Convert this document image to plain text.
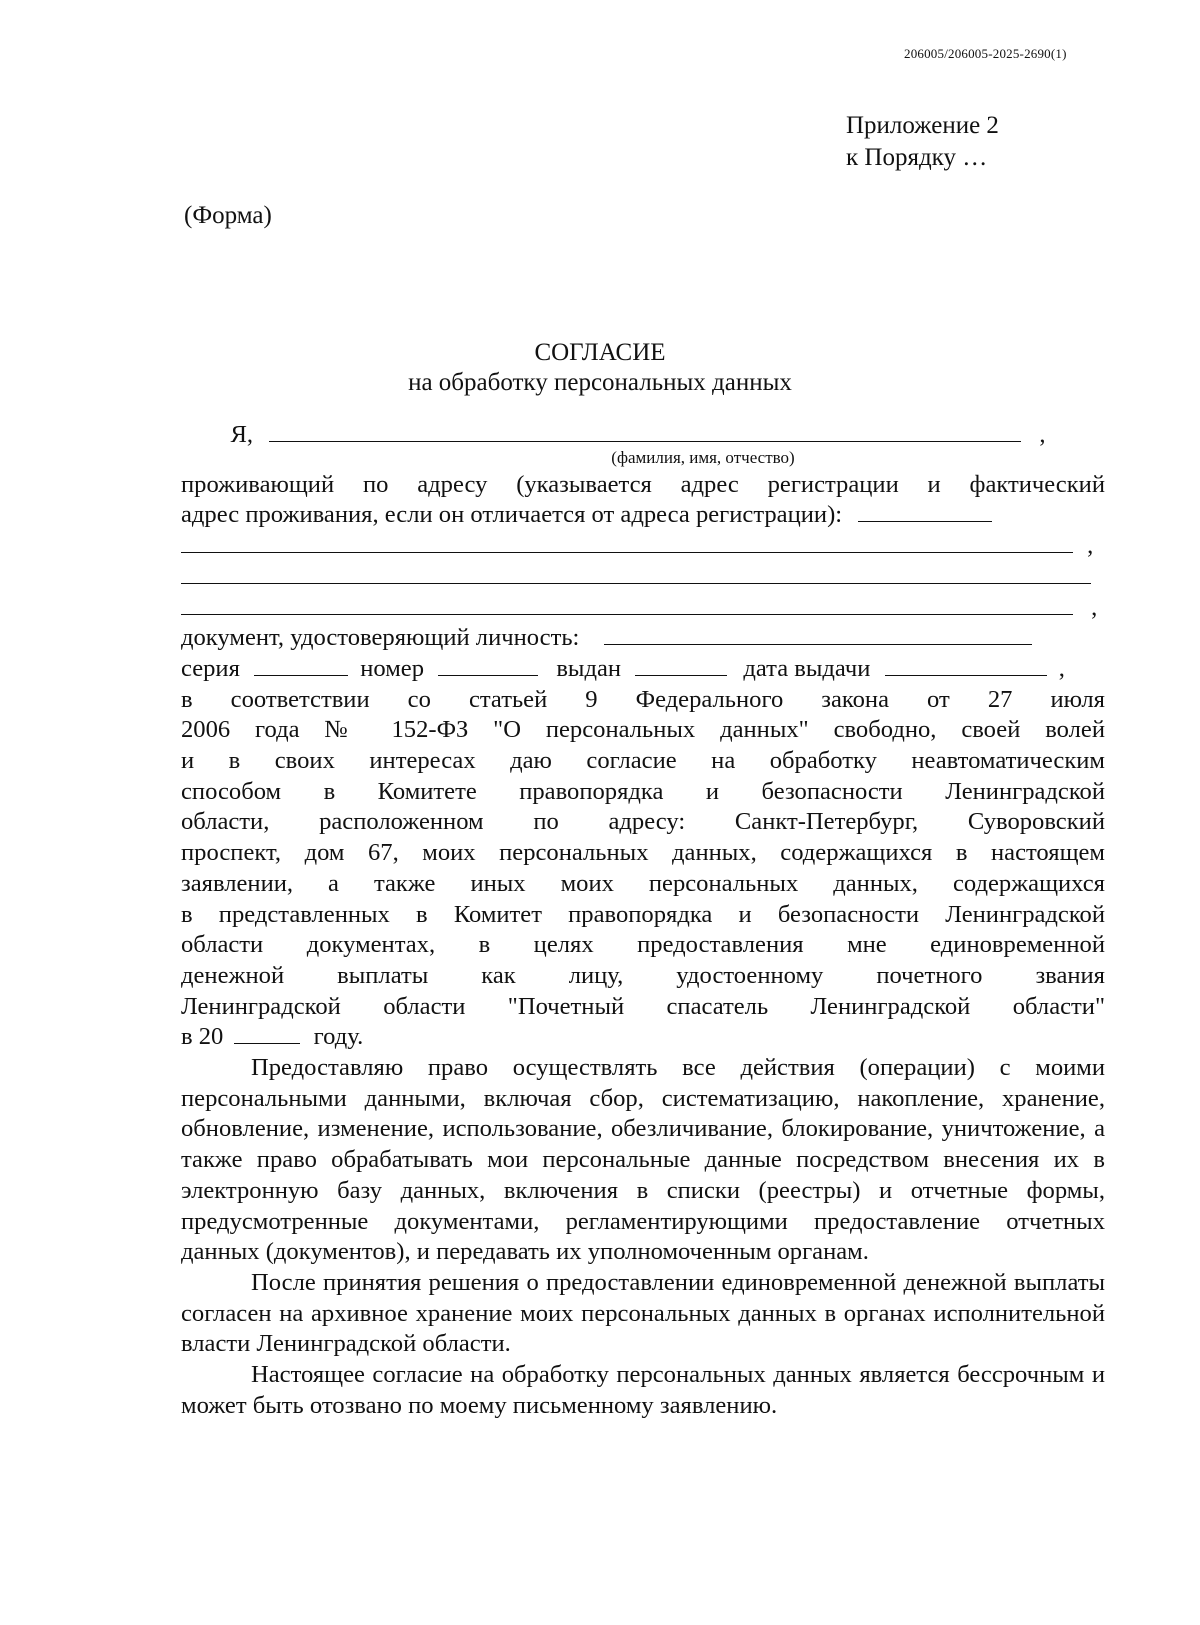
206005/206005-2025-2690(1)
Приложение 2
к Порядку …
(Форма)
СОГЛАСИЕ
на обработку персональных данных
Я,	,
(фамилия, имя, отчество)
проживающий по адресу (указывается адрес регистрации и фактический
адрес проживания, если он отличается от адреса регистрации):
,
,
документ, удостоверяющий личность:
серия	номер	выдан	дата выдачи	,
в соответствии со статьей 9 Федерального закона от 27 июля
2006 года № 152-ФЗ "О персональных данных" свободно, своей волей
и в своих интересах даю согласие на обработку неавтоматическим
способом в Комитете правопорядка и безопасности Ленинградской
области, расположенном по адресу: Санкт-Петербург, Суворовский
проспект, дом 67, моих персональных данных, содержащихся в настоящем
заявлении, а также иных моих персональных данных, содержащихся
в представленных в Комитет правопорядка и безопасности Ленинградской
области документах, в целях предоставления мне единовременной
денежной выплаты как лицу, удостоенному почетного звания
Ленинградской области "Почетный спасатель Ленинградской области"
в 20	году.
Предоставляю право осуществлять все действия (операции) с моими персональными данными, включая сбор, систематизацию, накопление, хранение, обновление, изменение, использование, обезличивание, блокирование, уничтожение, а также право обрабатывать мои персональные данные посредством внесения их в электронную базу данных, включения в списки (реестры) и отчетные формы, предусмотренные документами, регламентирующими предоставление отчетных данных (документов), и передавать их уполномоченным органам.
После принятия решения о предоставлении единовременной денежной выплаты согласен на архивное хранение моих персональных данных в органах исполнительной власти Ленинградской области.
Настоящее согласие на обработку персональных данных является бессрочным и может быть отозвано по моему письменному заявлению.
